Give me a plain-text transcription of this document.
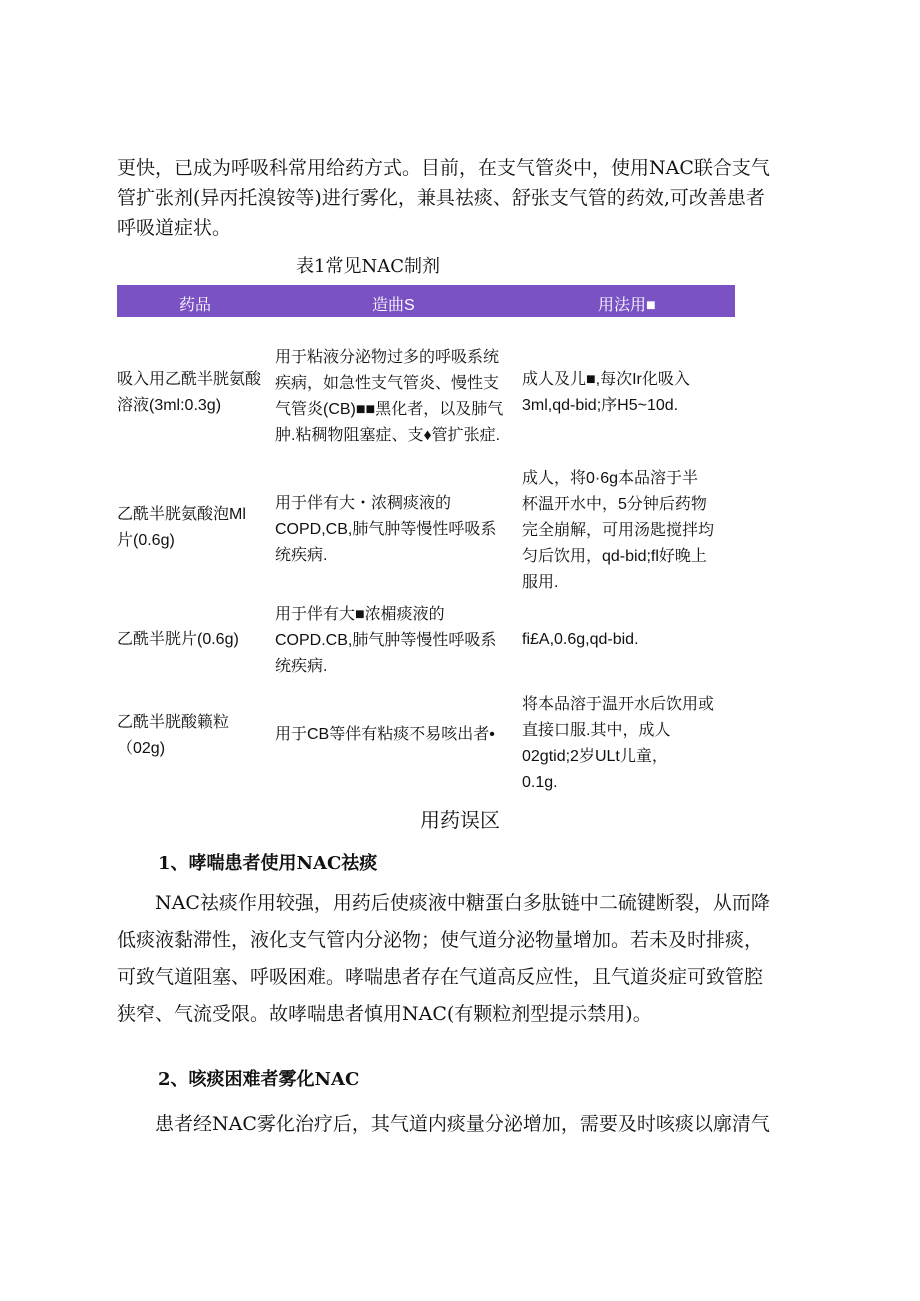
更快，已成为呼吸科常用给药方式。目前，在支气管炎中，使用NAC联合支气
管扩张剂(异丙托溴铵等)进行雾化，兼具祛痰、舒张支气管的药效,可改善患者
呼吸道症状。

表1常见NAC制剂

药品	造曲S	用法用■
吸入用乙酰半胱氨酸
溶液(3ml:0.3g)
用于粘液分泌物过多的呼吸系统
疾病，如急性支气管炎、慢性支
气管炎(CB)■■黑化者，以及肺气
肿.粘稠物阻塞症、支♦管扩张症.
成人及儿■,每次Ir化吸入
3ml,qd-bid;序H5~10d.
乙酰半胱氨酸泡Ml
片(0.6g)
用于伴有大・浓稠痰液的
COPD,CB,肺气肿等慢性呼吸系
统疾病.
成人，将0·6g本品溶于半
杯温开水中，5分钟后药物
完全崩解，可用汤匙搅拌均
匀后饮用，qd-bid;fl好晚上
服用.
乙酰半胱片(0.6g)
用于伴有大■浓楣痰液的
COPD.CB,肺气肿等慢性呼吸系
统疾病.
fi£A,0.6g,qd-bid.
乙酰半胱酸籁粒
（02g)
用于CB等伴有粘痰不易咳出者•
将本品溶于温开水后饮用或
直接口服.其中，成人
02gtid;2岁ULt儿童，
0.1g.

用药误区

1、哮喘患者使用NAC祛痰

NAC祛痰作用较强，用药后使痰液中糖蛋白多肽链中二硫键断裂，从而降
低痰液黏滞性，液化支气管内分泌物；使气道分泌物量增加。若未及时排痰，
可致气道阻塞、呼吸困难。哮喘患者存在气道高反应性，且气道炎症可致管腔
狭窄、气流受限。故哮喘患者慎用NAC(有颗粒剂型提示禁用)。

2、咳痰困难者雾化NAC

患者经NAC雾化治疗后，其气道内痰量分泌增加，需要及时咳痰以廓清气
